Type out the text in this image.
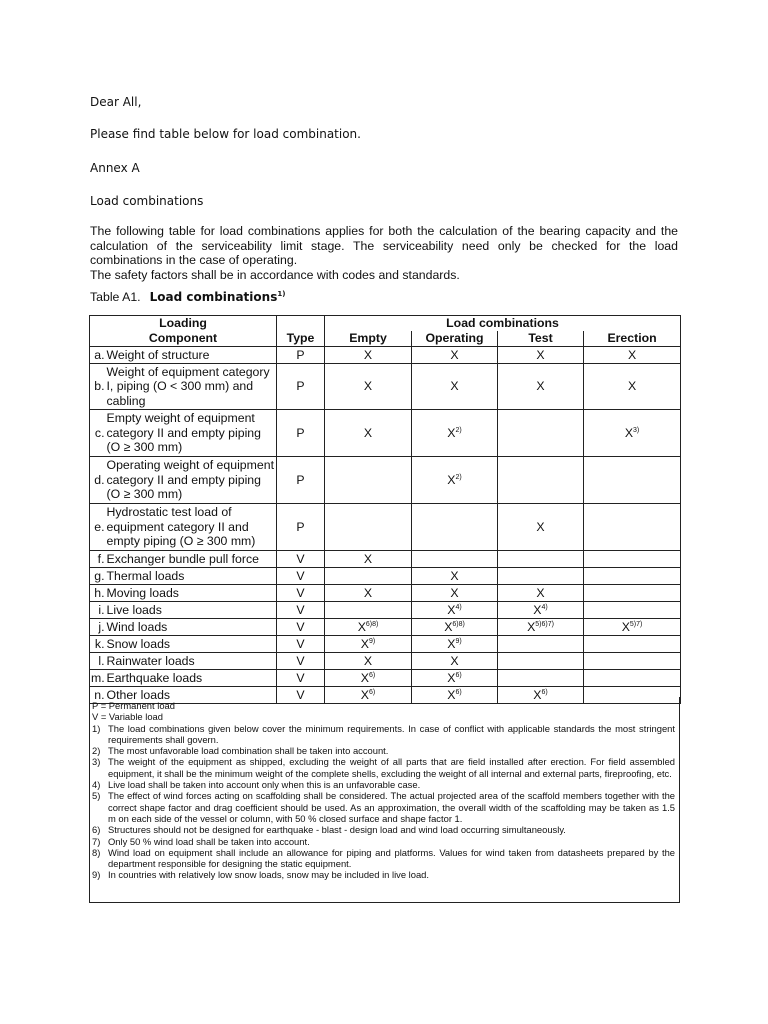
Dear All,

Please find table below for load combination.

Annex A

Load combinations

The following table for load combinations applies for both the calculation of the bearing capacity and the calculation of the serviceability limit stage. The serviceability need only be checked for the load combinations in the case of operating.

The safety factors shall be in accordance with codes and standards.

Table A1. Load combinations$^{1)}$
Loading			Load combinations			
Component		Type	Empty	Operating	Test	Erection
a.	Weight of structure	P	X	X	X	X
b.	Weight of equipment category I, piping (O < 300 mm) and cabling	P	X	X	X	X
c.	Empty weight of equipment category II and empty piping (O ≥ 300 mm)	P	X	$X^{2)}$		$X^{3)}$
d.	Operating weight of equipment category II and empty piping (O ≥ 300 mm)	P		$X^{2)}$		
e.	Hydrostatic test load of equipment category II and empty piping (O ≥ 300 mm)	P			X	
f.	Exchanger bundle pull force	V	X			
g.	Thermal loads	V		X		
h.	Moving loads	V	X	X	X	
i.	Live loads	V		$X^{4)}$	$X^{4)}$	
j.	Wind loads	V	$X^{6)8)}$	$X^{6)8)}$	$X^{5)6)7)}$	$X^{5)7)}$
k.	Snow loads	V	$X^{9)}$	$X^{9)}$		
l.	Rainwater loads	V	X	X		
m.	Earthquake loads	V	$X^{6)}$	$X^{6)}$		
n.	Other loads	V	$X^{6)}$	$X^{6)}$	$X^{6)}$	

P = Permanent load

V = Variable load

1) The load combinations given below cover the minimum requirements. In case of conflict with applicable standards the most stringent requirements shall govern.
2) The most unfavorable load combination shall be taken into account.
3) The weight of the equipment as shipped, excluding the weight of all parts that are field installed after erection. For field assembled equipment, it shall be the minimum weight of the complete shells, excluding the weight of all internal and external parts, fireproofing, etc.
4) Live load shall be taken into account only when this is an unfavorable case.
5) The effect of wind forces acting on scaffolding shall be considered. The actual projected area of the scaffold members together with the correct shape factor and drag coefficient should be used. As an approximation, the overall width of the scaffolding may be taken as 1.5 m on each side of the vessel or column, with 50 % closed surface and shape factor 1.
6) Structures should not be designed for earthquake - blast - design load and wind load occurring simultaneously.
7) Only 50 % wind load shall be taken into account.
8) Wind load on equipment shall include an allowance for piping and platforms. Values for wind taken from datasheets prepared by the department responsible for designing the static equipment.
9) In countries with relatively low snow loads, snow may be included in live load.
